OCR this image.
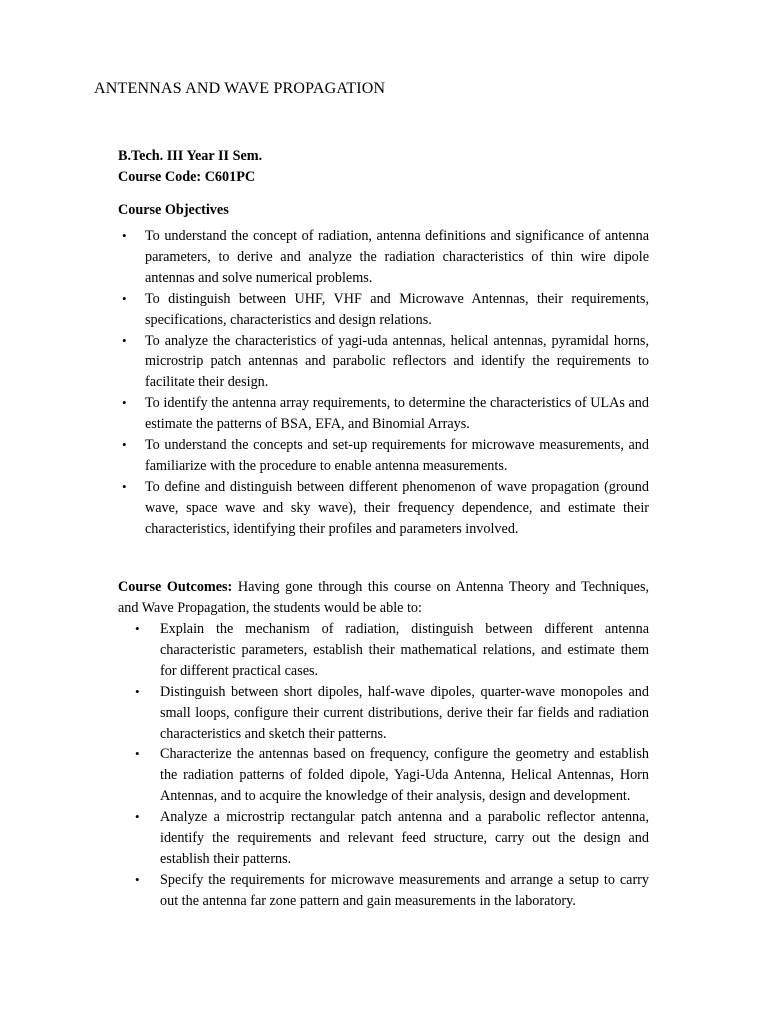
ANTENNAS AND WAVE PROPAGATION
B.Tech. III Year II Sem.
Course Code: C601PC
Course Objectives
• To understand the concept of radiation, antenna definitions and significance of antenna parameters, to derive and analyze the radiation characteristics of thin wire dipole antennas and solve numerical problems.
• To distinguish between UHF, VHF and Microwave Antennas, their requirements, specifications, characteristics and design relations.
• To analyze the characteristics of yagi-uda antennas, helical antennas, pyramidal horns, microstrip patch antennas and parabolic reflectors and identify the requirements to facilitate their design.
• To identify the antenna array requirements, to determine the characteristics of ULAs and estimate the patterns of BSA, EFA, and Binomial Arrays.
• To understand the concepts and set-up requirements for microwave measurements, and familiarize with the procedure to enable antenna measurements.
• To define and distinguish between different phenomenon of wave propagation (ground wave, space wave and sky wave), their frequency dependence, and estimate their characteristics, identifying their profiles and parameters involved.
Course Outcomes: Having gone through this course on Antenna Theory and Techniques, and Wave Propagation, the students would be able to:
• Explain the mechanism of radiation, distinguish between different antenna characteristic parameters, establish their mathematical relations, and estimate them for different practical cases.
• Distinguish between short dipoles, half-wave dipoles, quarter-wave monopoles and small loops, configure their current distributions, derive their far fields and radiation characteristics and sketch their patterns.
• Characterize the antennas based on frequency, configure the geometry and establish the radiation patterns of folded dipole, Yagi-Uda Antenna, Helical Antennas, Horn Antennas, and to acquire the knowledge of their analysis, design and development.
• Analyze a microstrip rectangular patch antenna and a parabolic reflector antenna, identify the requirements and relevant feed structure, carry out the design and establish their patterns.
• Specify the requirements for microwave measurements and arrange a setup to carry out the antenna far zone pattern and gain measurements in the laboratory.
